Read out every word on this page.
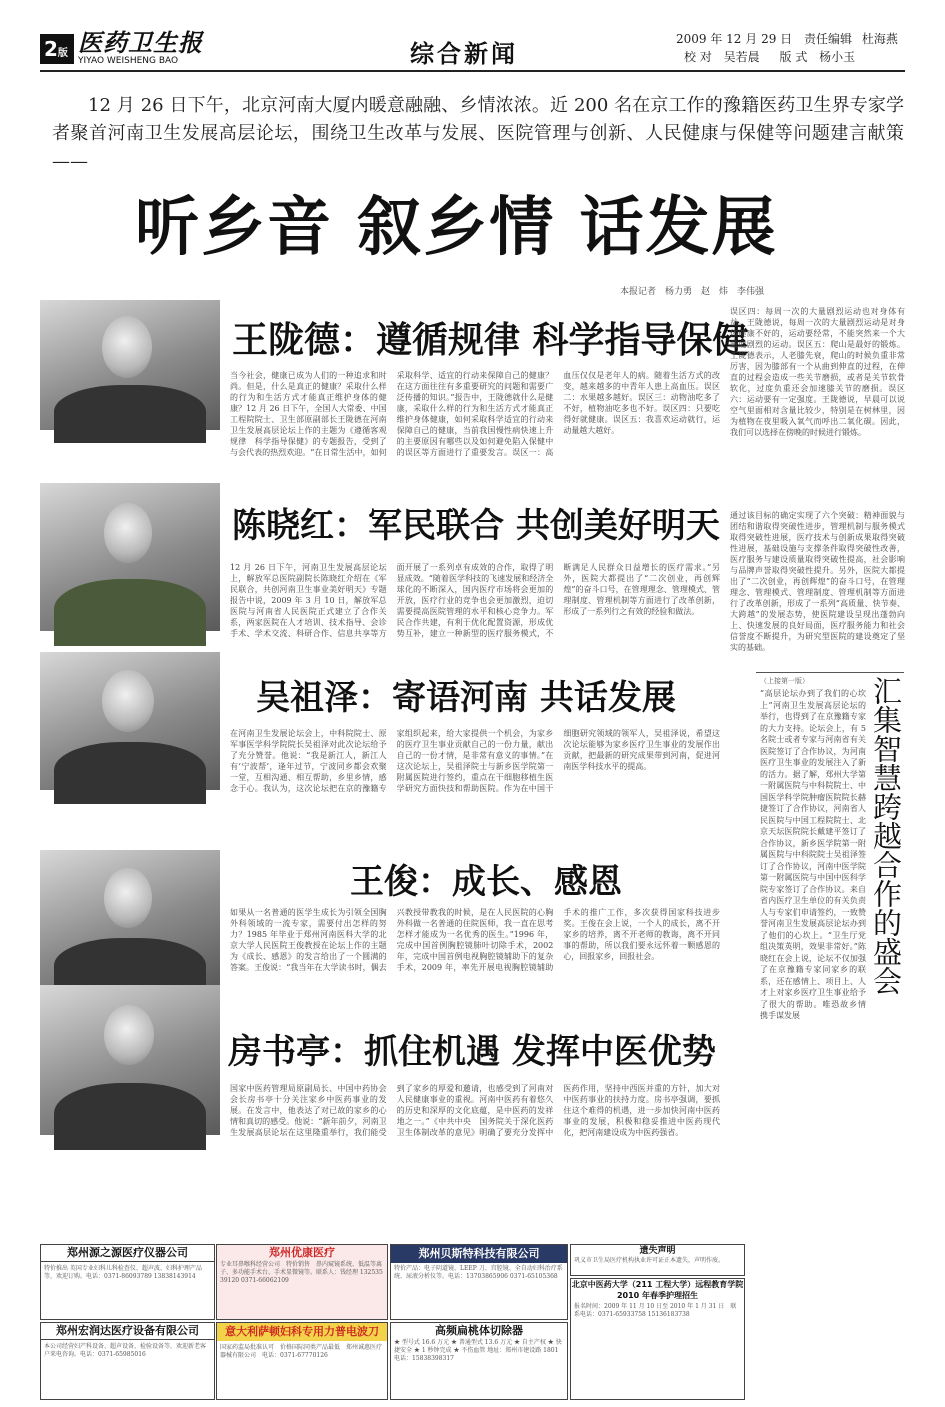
2版 医药卫生报
YIYAO WEISHENG BAO	综合新闻	2009 年 12 月 29 日 责任编辑 杜海燕
校 对 吴若晨 版 式 杨小玉
12 月 26 日下午，北京河南大厦内暖意融融、乡情浓浓。近 200 名在京工作的豫籍医药卫生界专家学者聚首河南卫生发展高层论坛，围绕卫生改革与发展、医院管理与创新、人民健康与保健等问题建言献策——
听乡音 叙乡情 话发展
本报记者　杨力勇　赵　炜　李伟强
王陇德：遵循规律 科学指导保健
当今社会，健康已成为人们的一种追求和时尚。但是，什么是真正的健康？采取什么样的行为和生活方式才能真正维护身体的健康？12 月 26 日下午，全国人大常委、中国工程院院士、卫生部原副部长王陇德在河南卫生发展高层论坛上作的主题为《遵循客观规律　科学指导保健》的专题报告，受到了与会代表的热烈欢迎。“在日常生活中，如何采取科学、适宜的行动来保障自己的健康？在这方面往往有多重要研究的问题和需要广泛传播的知识。”报告中，王陇德就什么是健康，采取什么样的行为和生活方式才能真正维护身体健康，如何采取科学适宜的行动来保障自己的健康，当前我国慢性病快速上升的主要原因有哪些以及如何避免陷入保健中的误区等方面进行了重要发言。误区一：高血压仅仅是老年人的病。随着生活方式的改变，越来越多的中青年人患上高血压。误区二：水果越多越好。误区三：动物油吃多了不好，植物油吃多也不好。误区四：只要吃得好就健康。误区五：我喜欢运动就行，运动量越大越好。
误区四：每周一次的大量剧烈运动也对身体有益。王陇德说，每周一次的大量剧烈运动是对身体健康不好的，运动要经常，不能突然来一个大量度剧烈的运动。误区五：爬山是最好的锻炼。王陇德表示，人老膝先衰，爬山的时候负重非常厉害，因为膝部有一个从曲到伸直的过程，在伸直的过程会造成一些关节磨损，或者是关节软骨软化，过度负重还会加速膝关节的磨损。误区六：运动要有一定强度。王陇德说，早晨可以说空气里面相对含量比较少，特别是在树林里，因为植物在夜里吸入氧气而呼出二氧化碳。因此，我们可以选择在傍晚的时候进行锻炼。
陈晓红：军民联合 共创美好明天
12 月 26 日下午，河南卫生发展高层论坛上，解放军总医院副院长陈晓红介绍在《军民联合，共创河南卫生事业美好明天》专题报告中说，2009 年 3 月 10 日，解放军总医院与河南省人民医院正式建立了合作关系，两家医院在人才培训、技术指导、会诊手术、学术交流、科研合作、信息共享等方面开展了一系列卓有成效的合作，取得了明显成效。“随着医学科技的飞速发展和经济全球化的不断深入，国内医疗市场将会更加的开放，医疗行业的竞争也会更加激烈，迫切需要提高医院管理的水平和核心竞争力。军民合作共建，有利于优化配置资源，形成优势互补，建立一种新型的医疗服务模式，不断满足人民群众日益增长的医疗需求。”另外，医院大都提出了“二次创业，再创辉煌”的奋斗口号，在管理理念、管理模式、管理制度、管理机制等方面进行了改革创新，形成了一系列行之有效的经验和做法。
通过该目标的确定实现了六个突破：精神面貌与团结和谐取得突破性进步，管理机制与服务模式取得突破性进展，医疗技术与创新成果取得突破性进展，基础设施与支撑条件取得突破性改善，医疗服务与建设质量取得突破性提高，社会影响与品牌声誉取得突破性提升。另外，医院大都提出了“二次创业，再创辉煌”的奋斗口号，在管理理念、管理模式、管理制度、管理机制等方面进行了改革创新，形成了一系列“高质量、快节奏、大跨越”的发展态势，使医院建设呈现出蓬勃向上、快速发展的良好局面，医疗服务能力和社会信誉度不断提升，为研究型医院的建设奠定了坚实的基础。
吴祖泽：寄语河南 共话发展
在河南卫生发展论坛会上，中科院院士、原军事医学科学院院长吴祖泽对此次论坛给予了充分赞誉。他说：“我是新江人，新江人有‘宁波帮’，逢年过节，宁波同乡都会欢聚一堂，互相沟通、相互帮助，乡里乡情，感念于心。我认为，这次论坛把在京的豫籍专家组织起来，给大家提供一个机会，为家乡的医疗卫生事业贡献自己的一份力量，献出自己的一份才情，是非常有意义的事情。”在这次论坛上，吴祖泽院士与新乡医学院第一附属医院进行签约，重点在干细胞移植生医学研究方面快技和帮助医院。作为在中国干细胞研究领域的领军人，吴祖泽说，希望这次论坛能够为家乡医疗卫生事业的发展作出贡献，把最新的研究成果带到河南，促进河南医学科技水平的提高。
王俊：成长、感恩
如果从一名普通的医学生成长为引领全国胸外科领域的一流专家，需要付出怎样的努力？1985 年毕业于郑州河南医科大学的北京大学人民医院王俊教授在论坛上作的主题为《成长、感恩》的发言给出了一个圆满的答案。王俊说：“我当年在大学读书时，偶去兴教授带教我的时候，是在人民医院的心胸外科做一名普通的住院医师，我一直在思考怎样才能成为一名优秀的医生。”1996 年，完成中国首例胸腔镜肺叶切除手术，2002 年，完成中国首例电视胸腔镜辅助下的复杂手术，2009 年，率先开展电视胸腔镜辅助手术的推广工作，多次获得国家科技进步奖。王俊在会上说，一个人的成长，离不开家乡的培养，离不开老师的教诲，离不开同事的帮助，所以我们要永远怀着一颗感恩的心，回报家乡，回报社会。
房书亭：抓住机遇 发挥中医优势
国家中医药管理局原副局长、中国中药协会会长房书亭十分关注家乡中医药事业的发展。在发言中，他表达了对已故的家乡的心情和真切的感受。他说：“新年前夕，河南卫生发展高层论坛在这里隆重举行，我们能受到了家乡的厚爱和邀请，也感受到了河南对人民健康事业的重视。河南中医药有着悠久的历史和深厚的文化底蕴，是中医药的发祥地之一。”《中共中央　国务院关于深化医药卫生体制改革的意见》明确了要充分发挥中医药作用，坚持中西医并重的方针，加大对中医药事业的扶持力度。房书亭强调，要抓住这个难得的机遇，进一步加快河南中医药事业的发展，积极和稳妥推进中医药现代化，把河南建设成为中医药强省。
（上接第一版）
“高层论坛办到了我们的心坎上”河南卫生发展高层论坛的举行，也得到了在京豫籍专家的大力支持。论坛会上，有 5 名院士或者专家与河南省有关医院签订了合作协议，为河南医疗卫生事业的发展注入了新的活力。据了解，郑州大学第一附属医院与中科院院士、中国医学科学院肿瘤医院院长赫捷签订了合作协议，河南省人民医院与中国工程院院士、北京天坛医院院长戴建平签订了合作协议，新乡医学院第一附属医院与中科院院士吴祖泽签订了合作协议，河南中医学院第一附属医院与中国中医科学院专家签订了合作协议。来自省内医疗卫生单位的有关负责人与专家们申请签约，一致赞誉河南卫生发展高层论坛办到了他们的心坎上。“卫生厅党组决策英明，效果非常好。”陈晓红在会上说，论坛不仅加强了在京豫籍专家同家乡的联系，还在感情上、项目上、人才上对家乡医疗卫生事业给予了很大的帮助。唯恐故乡情　携手谋发展
汇集智慧跨越合作的盛会
郑州源之源医疗仪器公司
特价推出 英国专业妇科儿科检查仪、超声波、妇科护理产品等，欢迎订购。电话：0371-86093789 13838143914
郑州优康医疗
专业耳鼻喉科经营公司　特价销售　鼻内窥镜系统、低温等离子、多功能手术台、手术显微镜等。联系人：钱经理 13253539120 0371-66062109
郑州贝斯特科技有限公司
特价产品：电子阴道镜、LEEP 刀、宫腔镜、全自动妇科治疗系统、尿液分析仪等。电话：13703865906 0371-65105368
遗失声明
巩义市卫生局医疗机构执业许可证正本遗失，声明作废。
北京中医药大学（211 工程大学）远程教育学院 2010 年春季护理招生
报名时间：2009 年 11 月 10 日至 2010 年 1 月 31 日　联系电话：0371-65933758 15136183738
郑州宏润达医疗设备有限公司
本公司经营妇产科设备、超声设备、检验设备等，欢迎新老客户来电咨询。电话：0371-65985016
意大利萨顿妇科专用力普电波刀
国家药监局批准认可　价格国际同类产品最低　郑州诚惠医疗器械有限公司　电话：0371-67770126
高频扁桃体切除器
★ 型号式 16.6 万元 ★ 普通型式 13.6 万元 ★ 自主产权 ★ 快捷安全 ★ 1 秒钟完成 ★ 不伤血管 地址：郑州市建设路 1801 电话：15838398317
